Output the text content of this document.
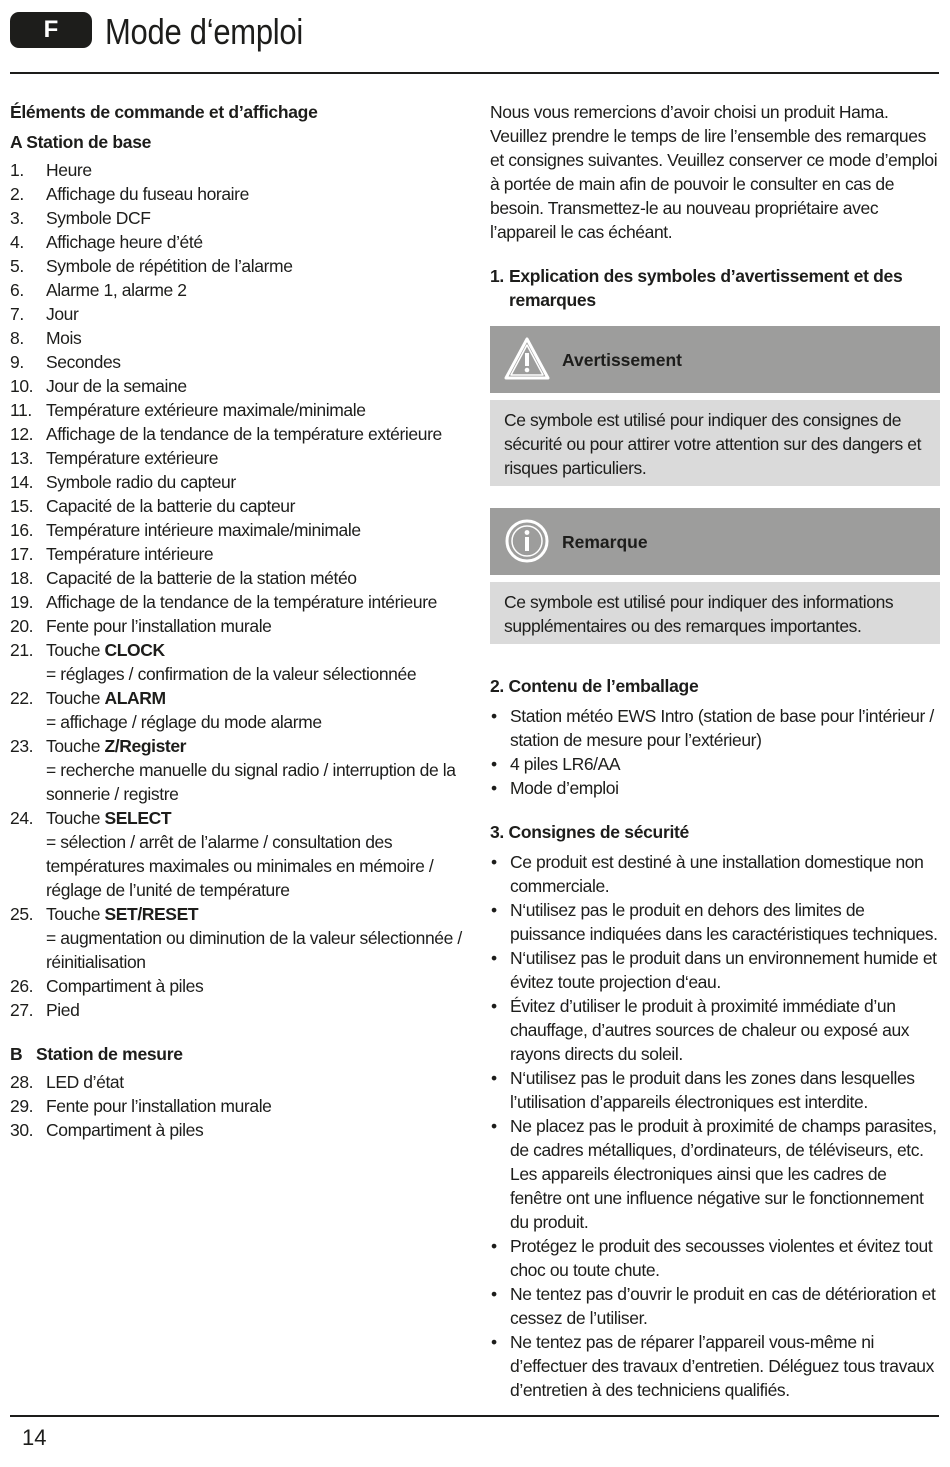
F	Mode d‘emploi
Éléments de commande et d’affichage
A Station de base
1. Heure
2. Affichage du fuseau horaire
3. Symbole DCF
4. Affichage heure d’été
5. Symbole de répétition de l’alarme
6. Alarme 1, alarme 2
7. Jour
8. Mois
9. Secondes
10. Jour de la semaine
11. Température extérieure maximale/minimale
12. Affichage de la tendance de la température extérieure
13. Température extérieure
14. Symbole radio du capteur
15. Capacité de la batterie du capteur
16. Température intérieure maximale/minimale
17. Température intérieure
18. Capacité de la batterie de la station météo
19. Affichage de la tendance de la température intérieure
20. Fente pour l’installation murale
21. Touche CLOCK
= réglages / confirmation de la valeur sélectionnée
22. Touche ALARM
= affichage / réglage du mode alarme
23. Touche Z/Register
= recherche manuelle du signal radio / interruption de la sonnerie / registre
24. Touche SELECT
= sélection / arrêt de l’alarme / consultation des températures maximales ou minimales en mémoire / réglage de l’unité de température
25. Touche SET/RESET
= augmentation ou diminution de la valeur sélectionnée / réinitialisation
26. Compartiment à piles
27. Pied
B Station de mesure
28. LED d’état
29. Fente pour l’installation murale
30. Compartiment à piles

Nous vous remercions d’avoir choisi un produit Hama. Veuillez prendre le temps de lire l’ensemble des remarques et consignes suivantes. Veuillez conserver ce mode d’emploi à portée de main afin de pouvoir le consulter en cas de besoin. Transmettez-le au nouveau propriétaire avec l’appareil le cas échéant.

1. Explication des symboles d’avertissement et des remarques
Avertissement
Ce symbole est utilisé pour indiquer des consignes de sécurité ou pour attirer votre attention sur des dangers et risques particuliers.
Remarque
Ce symbole est utilisé pour indiquer des informations supplémentaires ou des remarques importantes.
2. Contenu de l’emballage
• Station météo EWS Intro (station de base pour l’intérieur / station de mesure pour l’extérieur)
• 4 piles LR6/AA
• Mode d’emploi
3. Consignes de sécurité
• Ce produit est destiné à une installation domestique non commerciale.
• N‘utilisez pas le produit en dehors des limites de puissance indiquées dans les caractéristiques techniques.
• N‘utilisez pas le produit dans un environnement humide et évitez toute projection d‘eau.
• Évitez d’utiliser le produit à proximité immédiate d’un chauffage, d’autres sources de chaleur ou exposé aux rayons directs du soleil.
• N‘utilisez pas le produit dans les zones dans lesquelles l’utilisation d’appareils électroniques est interdite.
• Ne placez pas le produit à proximité de champs parasites, de cadres métalliques, d’ordinateurs, de téléviseurs, etc. Les appareils électroniques ainsi que les cadres de fenêtre ont une influence négative sur le fonctionnement du produit.
• Protégez le produit des secousses violentes et évitez tout choc ou toute chute.
• Ne tentez pas d’ouvrir le produit en cas de détérioration et cessez de l’utiliser.
• Ne tentez pas de réparer l’appareil vous-même ni d’effectuer des travaux d’entretien. Déléguez tous travaux d’entretien à des techniciens qualifiés.
14
